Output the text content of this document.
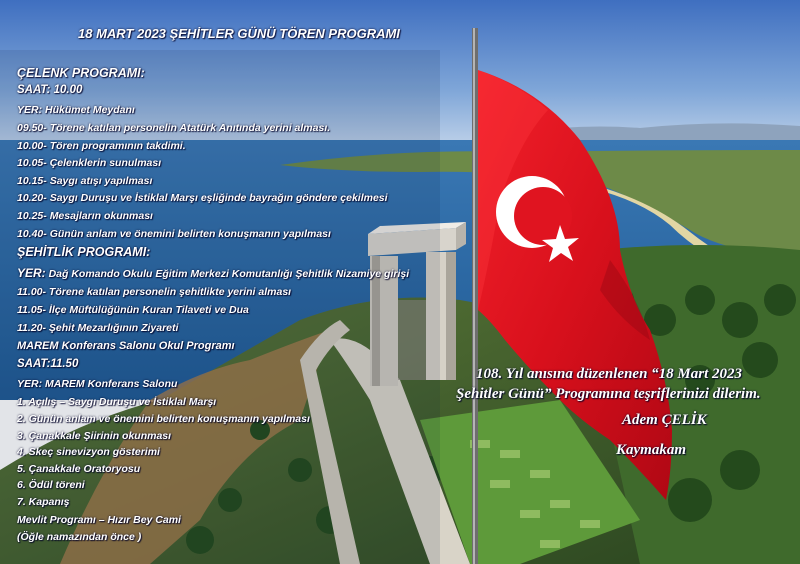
18 MART 2023 ŞEHİTLER GÜNÜ TÖREN PROGRAMI
ÇELENK PROGRAMI:
SAAT: 10.00
YER: Hükümet Meydanı
09.50- Törene katılan personelin Atatürk Anıtında yerini alması.
10.00- Tören programının takdimi.
10.05- Çelenklerin sunulması
10.15- Saygı atışı yapılması
10.20- Saygı Duruşu ve İstiklal Marşı eşliğinde bayrağın göndere çekilmesi
10.25- Mesajların okunması
10.40- Günün anlam ve önemini belirten konuşmanın yapılması
ŞEHİTLİK PROGRAMI:
YER: Dağ Komando Okulu Eğitim Merkezi Komutanlığı Şehitlik Nizamiye girişi
11.00- Törene katılan personelin şehitlikte yerini alması
11.05- İlçe Müftülüğünün Kuran Tilaveti ve Dua
11.20- Şehit Mezarlığının Ziyareti
MAREM Konferans Salonu Okul Programı
SAAT:11.50
YER: MAREM Konferans Salonu
1. Açılış – Saygı Duruşu ve İstiklal Marşı
2. Günün anlam ve önemini belirten konuşmanın yapılması
3. Çanakkale Şiirinin okunması
4. Skeç sinevizyon gösterimi
5. Çanakkale Oratoryosu
6. Ödül töreni
7. Kapanış
Mevlit Programı – Hızır Bey Cami
(Öğle namazından önce )
108. Yıl anısına düzenlenen “18 Mart 2023
Şehitler Günü” Programına teşriflerinizi dilerim.
Adem ÇELİK
Kaymakam
